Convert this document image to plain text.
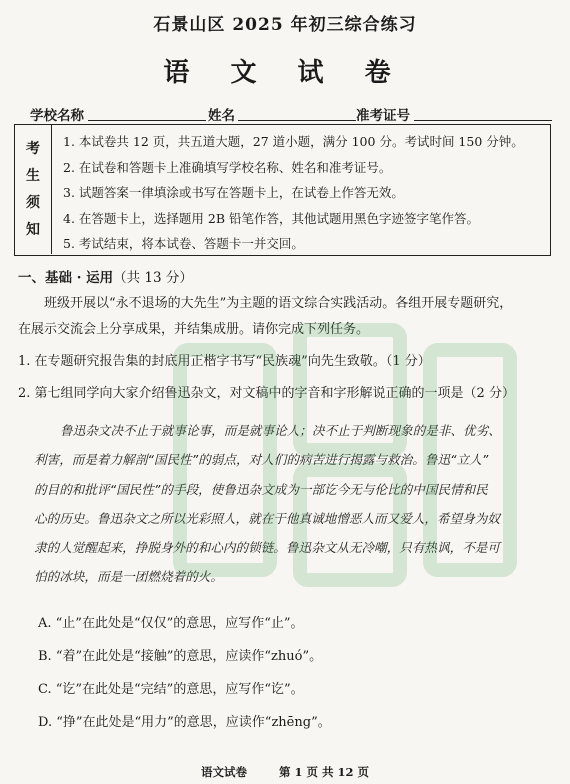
石景山区 2025 年初三综合练习
语 文 试 卷
学校名称	姓名	准考证号
考
生
须
知
1. 本试卷共 12 页，共五道大题，27 道小题，满分 100 分。考试时间 150 分钟。
2. 在试卷和答题卡上准确填写学校名称、姓名和准考证号。
3. 试题答案一律填涂或书写在答题卡上，在试卷上作答无效。
4. 在答题卡上，选择题用 2B 铅笔作答，其他试题用黑色字迹签字笔作答。
5. 考试结束，将本试卷、答题卡一并交回。
一、基础 · 运用（共 13 分）
班级开展以“永不退场的大先生”为主题的语文综合实践活动。各组开展专题研究，
在展示交流会上分享成果，并结集成册。请你完成下列任务。
1. 在专题研究报告集的封底用正楷字书写“民族魂”向先生致敬。（1 分）
2. 第七组同学向大家介绍鲁迅杂文，对文稿中的字音和字形解说正确的一项是（2 分）
鲁迅杂文决不止于就事论事，而是就事论人；决不止于判断现象的是非、优劣、
利害，而是着力解剖“国民性”的弱点，对人们的病苦进行揭露与救治。鲁迅“立人”
的目的和批评“国民性”的手段，使鲁迅杂文成为一部讫今无与伦比的中国民情和民
心的历史。鲁迅杂文之所以光彩照人，就在于他真诚地憎恶人而又爱人，希望身为奴
隶的人觉醒起来，挣脱身外的和心内的锁链。鲁迅杂文从无冷嘲，只有热讽，不是可
怕的冰块，而是一团燃烧着的火。
A. “止”在此处是“仅仅”的意思，应写作“止”。
B. “着”在此处是“接触”的意思，应读作“zhuó”。
C. “讫”在此处是“完结”的意思，应写作“讫”。
D. “挣”在此处是“用力”的意思，应读作“zhēng”。
语文试卷	第 1 页 共 12 页
